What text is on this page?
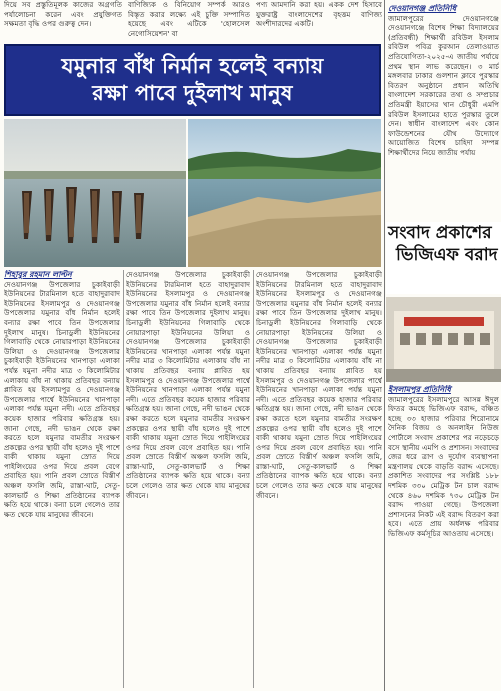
দিয়ে সব প্রস্তুতিমূলক কাজের অগ্রগতি পর্যালোচনা করেন এবং প্রযুক্তিগত সক্ষমতা বৃদ্ধি ওপর গুরুত্ব দেন।
বাণিজ্যিক ও বিনিয়োগ সম্পর্ক আরও বিস্তৃত করার লক্ষ্যে এই চুক্তি সম্পাদিত হয়েছে এবং এটিকে 'হোলসেল নেগোসিয়েশন' বা
পণ্য আমদানি করা হয়। একক দেশ হিসাবে যুক্তরাষ্ট্র বাংলাদেশের বৃহত্তম বাণিজ্য অংশীদারদের একটি।
যমুনার বাঁধ নির্মান হলেই বন্যায়
রক্ষা পাবে দুইলাখ মানুষ
শিহাবুর রহমান লাল্টন
দেওয়ানগঞ্জ উপজেলার চুকাইবাড়ী ইউনিয়নের টারমিনাল হতে বাহাদুরাবাদ ইউনিয়নের ইসলামপুর ও দেওয়ানগঞ্জ উপজেলার যমুনার বাঁধ নির্মান হলেই বন্যার রক্ষা পাবে তিন উপজেলার দুইলাখ মানুষ। চিনাডুলী ইউনিয়নের গিলাবাড়ি থেকে নোয়ারপাড়া ইউনিয়নের উলিয়া ও দেওয়ানগঞ্জ উপজেলার চুকাইবাড়ী ইউনিয়নের খানপাড়া এলাকা পর্যন্ত যমুনা নদীর মাত্র ৩ কিলোমিটার এলাকায় বাঁধ না থাকায় প্রতিবছর বন্যায় প্লাবিত হয় ইসলামপুর ও দেওয়ানগঞ্জ উপজেলার পার্শ্বে ইউনিয়নের খানপাড়া এলাকা পর্যন্ত যমুনা নদী। এতে প্রতিবছর কয়েক হাজার পরিবার ক্ষতিগ্রস্ত হয়। জানা গেছে, নদী ভাঙন থেকে রক্ষা করতে হলে যমুনার বামতীর সংরক্ষণ প্রকল্পের ওপর স্থায়ী বাঁধ হলেও দুই পাশে বাকী থাকায় যমুনা স্রোত দিয়ে পাইলিংয়ের ওপর দিয়ে প্রবল বেগে প্রবাহিত হয়। পানি প্রবল স্রোতে বিস্তীর্ণ অঞ্চল ফসলি জমি, রাস্তা-ঘাট, সেতু-কালভার্ট ও শিক্ষা প্রতিষ্ঠানের ব্যাপক ক্ষতি হয়ে থাকে। বন্যা চলে গেলেও তার ক্ষত থেকে যায় মানুষের জীবনে।
দেওয়ানগঞ্জ উপজেলার চুকাইবাড়ী ইউনিয়নের টারমিনাল হতে বাহাদুরাবাদ ইউনিয়নের ইসলামপুর ও দেওয়ানগঞ্জ উপজেলার যমুনার বাঁধ নির্মান হলেই বন্যার রক্ষা পাবে তিন উপজেলার দুইলাখ মানুষ। চিনাডুলী ইউনিয়নের গিলাবাড়ি থেকে নোয়ারপাড়া ইউনিয়নের উলিয়া ও দেওয়ানগঞ্জ উপজেলার চুকাইবাড়ী ইউনিয়নের খানপাড়া এলাকা পর্যন্ত যমুনা নদীর মাত্র ৩ কিলোমিটার এলাকায় বাঁধ না থাকায় প্রতিবছর বন্যায় প্লাবিত হয় ইসলামপুর ও দেওয়ানগঞ্জ উপজেলার পার্শ্বে ইউনিয়নের খানপাড়া এলাকা পর্যন্ত যমুনা নদী। এতে প্রতিবছর কয়েক হাজার পরিবার ক্ষতিগ্রস্ত হয়। জানা গেছে, নদী ভাঙন থেকে রক্ষা করতে হলে যমুনার বামতীর সংরক্ষণ প্রকল্পের ওপর স্থায়ী বাঁধ হলেও দুই পাশে বাকী থাকায় যমুনা স্রোত দিয়ে পাইলিংয়ের ওপর দিয়ে প্রবল বেগে প্রবাহিত হয়। পানি প্রবল স্রোতে বিস্তীর্ণ অঞ্চল ফসলি জমি, রাস্তা-ঘাট, সেতু-কালভার্ট ও শিক্ষা প্রতিষ্ঠানের ব্যাপক ক্ষতি হয়ে থাকে। বন্যা চলে গেলেও তার ক্ষত থেকে যায় মানুষের জীবনে।
দেওয়ানগঞ্জ উপজেলার চুকাইবাড়ী ইউনিয়নের টারমিনাল হতে বাহাদুরাবাদ ইউনিয়নের ইসলামপুর ও দেওয়ানগঞ্জ উপজেলার যমুনার বাঁধ নির্মান হলেই বন্যার রক্ষা পাবে তিন উপজেলার দুইলাখ মানুষ। চিনাডুলী ইউনিয়নের গিলাবাড়ি থেকে নোয়ারপাড়া ইউনিয়নের উলিয়া ও দেওয়ানগঞ্জ উপজেলার চুকাইবাড়ী ইউনিয়নের খানপাড়া এলাকা পর্যন্ত যমুনা নদীর মাত্র ৩ কিলোমিটার এলাকায় বাঁধ না থাকায় প্রতিবছর বন্যায় প্লাবিত হয় ইসলামপুর ও দেওয়ানগঞ্জ উপজেলার পার্শ্বে ইউনিয়নের খানপাড়া এলাকা পর্যন্ত যমুনা নদী। এতে প্রতিবছর কয়েক হাজার পরিবার ক্ষতিগ্রস্ত হয়। জানা গেছে, নদী ভাঙন থেকে রক্ষা করতে হলে যমুনার বামতীর সংরক্ষণ প্রকল্পের ওপর স্থায়ী বাঁধ হলেও দুই পাশে বাকী থাকায় যমুনা স্রোত দিয়ে পাইলিংয়ের ওপর দিয়ে প্রবল বেগে প্রবাহিত হয়। পানি প্রবল স্রোতে বিস্তীর্ণ অঞ্চল ফসলি জমি, রাস্তা-ঘাট, সেতু-কালভার্ট ও শিক্ষা প্রতিষ্ঠানের ব্যাপক ক্ষতি হয়ে থাকে। বন্যা চলে গেলেও তার ক্ষত থেকে যায় মানুষের জীবনে।
দেওয়ানগঞ্জ প্রতিনিধি
জামালপুরের দেওয়ানগঞ্জে দেওয়ানগঞ্জে বিশেষ শিক্ষা বিদ্যালয়ের (প্রতিবন্ধী) শিক্ষার্থী রবিউল ইসলাম রবিউল পবিত্র কুরআন তেলাওয়াত প্রতিযোগিতা-২০২৫-এ জাতীয় পর্যায়ে প্রথম স্থান লাভ করেছেন। ৩ মার্চ মঙ্গলবার ঢাকার গুলশান ক্লাবে পুরস্কার বিতরণ অনুষ্ঠানে প্রধান অতিথি বাংলাদেশ সরকারের তথ্য ও সম্প্রচার প্রতিমন্ত্রী ইয়াসের খান চৌধুরী এমপি রবিউল ইসলামের হাতে পুরস্কার তুলে দেন। স্বাধীন বাংলাদেশ এবং কোন ফাউন্ডেশনের যৌথ উদ্যোগে আয়োজিত বিশেষ চাহিদা সম্পন্ন শিক্ষার্থীদের নিয়ে জাতীয় পর্যায়
সংবাদ প্রকাশের
ভিজিএফ বরাদ
ইসলামপুর প্রতিনিধি
জামালপুরের ইসলামপুরে আসন্ন ঈদুল ফিতর কমছে ভিজিএফ বরাদ্দ, বঞ্চিত হচ্ছে ৩৩ হাজার পরিবার শিরোনামে দৈনিক বিজয় ও অনলাইন নিউজ পোর্টালে সংবাদ প্রকাশের পর নড়েচড়ে বসে স্থানীয় এমপি ও প্রশাসন। সংবাদের জের ধরে ত্রাণ ও দুর্যোগ ব্যবস্থাপনা মন্ত্রণালয় থেকে বাড়তি বরাদ্দ এসেছে। প্রকাশিত সংবাদের পর সংশ্লিষ্ট ১৮৮ দশমিক ৩৩০ মেট্রিক টন চাল বরাদ্দ থেকে ৪৬০ দশমিক ৭৩০ মেট্রিক টন বরাদ্দ পাওয়া গেছে। উপজেলা প্রশাসনের নিকট এই বরাদ্দ বিতরণ করা হবে। এতে প্রায় অর্ধলক্ষ পরিবার ভিজিএফ কর্মসূচির আওতায় এসেছে।
